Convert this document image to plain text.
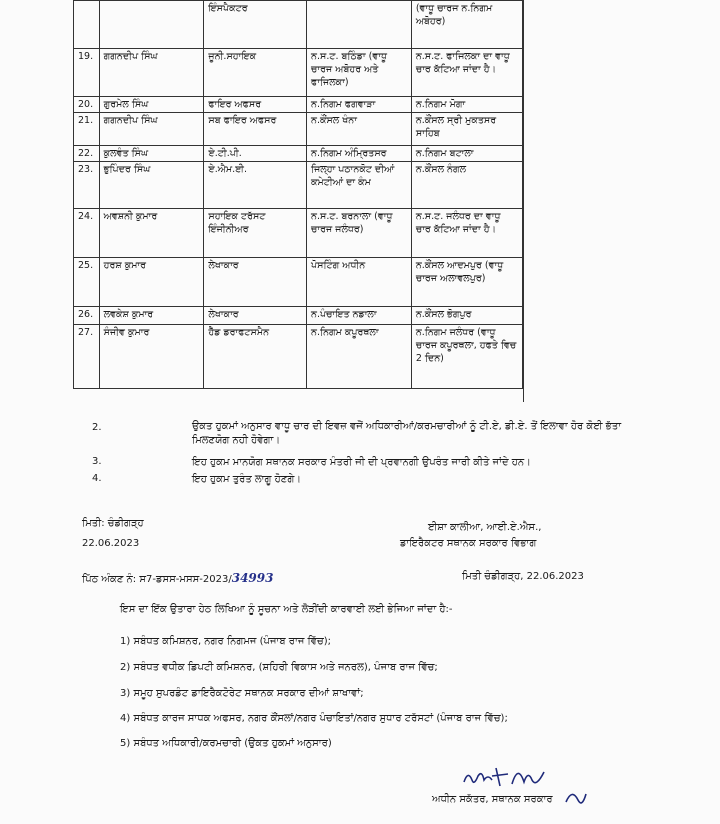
		ਇੰਸਪੈਕਟਰ		(ਵਾਧੂ ਚਾਰਜ ਨ.ਨਿਗਮ ਅਬੋਹਰ)
19.	ਗਗਨਦੀਪ ਸਿੰਘ	ਜੂਨੀ.ਸਹਾਇਕ	ਨ.ਸ.ਟ. ਬਠਿੰਡਾ (ਵਾਧੂ ਚਾਰਜ ਅਬੋਹਰ ਅਤੇ ਫਾਜਿਲਕਾ)	ਨ.ਸ.ਟ. ਫਾਜਿਲਕਾ ਦਾ ਵਾਧੂ ਚਾਰ ਕੱਟਿਆ ਜਾਂਦਾ ਹੈ।
20.	ਗੁਰਮੇਲ ਸਿੰਘ	ਫਾਇਰ ਅਫਸਰ	ਨ.ਨਿਗਮ ਫਗਵਾੜਾ	ਨ.ਨਿਗਮ ਮੋਗਾ
21.	ਗਗਨਦੀਪ ਸਿੰਘ	ਸਬ ਫਾਇਰ ਅਫਸਰ	ਨ.ਕੌਂਸਲ ਖੰਨਾ	ਨ.ਕੌਂਸਲ ਸ੍ਰੀ ਮੁਕਤਸਰ ਸਾਹਿਬ
22.	ਕੁਲਵੰਤ ਸਿੰਘ	ਏ.ਟੀ.ਪੀ.	ਨ.ਨਿਗਮ ਅੰਮ੍ਰਿਤਸਰ	ਨ.ਨਿਗਮ ਬਟਾਲਾ
23.	ਭੁਪਿੰਦਰ ਸਿੰਘ	ਏ.ਐਮ.ਈ.	ਜਿਲ੍ਹਾ ਪਠਾਨਕੋਟ ਦੀਆਂ ਕਮੇਟੀਆਂ ਦਾ ਕੰਮ	ਨ.ਕੌਂਸਲ ਨੰਗਲ
24.	ਅਵਸ਼ਨੀ ਕੁਮਾਰ	ਸਹਾਇਕ ਟਰੱਸਟ ਇੰਜੀਨੀਅਰ	ਨ.ਸ.ਟ. ਬਰਨਾਲਾ (ਵਾਧੂ ਚਾਰਜ ਜਲੰਧਰ)	ਨ.ਸ.ਟ. ਜਲੰਧਰ ਦਾ ਵਾਧੂ ਚਾਰ ਕੱਟਿਆ ਜਾਂਦਾ ਹੈ।
25.	ਹਰਸ਼ ਕੁਮਾਰ	ਲੇਖਾਕਾਰ	ਪੋਸਟਿੰਗ ਅਧੀਨ	ਨ.ਕੌਂਸਲ ਆਦਮਪੁਰ (ਵਾਧੂ ਚਾਰਜ ਅਲਾਵਲਪੁਰ)
26.	ਲਵਕੇਸ਼ ਕੁਮਾਰ	ਲੇਖਾਕਾਰ	ਨ.ਪੰਚਾਇਤ ਨਡਾਲਾ	ਨ.ਕੌਂਸਲ ਭੋਗਪੁਰ
27.	ਸੰਜੀਵ ਕੁਮਾਰ	ਹੈੱਡ ਡਰਾਫਟਸਮੈਨ	ਨ.ਨਿਗਮ ਕਪੂਰਥਲਾ	ਨ.ਨਿਗਮ ਜਲੰਧਰ (ਵਾਧੂ ਚਾਰਜ ਕਪੂਰਥਲਾ, ਹਫਤੇ ਵਿਚ 2 ਦਿਨ)
2.	ਉਕਤ ਹੁਕਮਾਂ ਅਨੁਸਾਰ ਵਾਧੂ ਚਾਰ ਦੀ ਇਵਜ਼ ਵਜੋਂ ਅਧਿਕਾਰੀਆਂ/ਕਰਮਚਾਰੀਆਂ ਨੂੰ ਟੀ.ਏ, ਡੀ.ਏ. ਤੋਂ ਇਲਾਵਾ ਹੋਰ ਕੋਈ ਭੱਤਾ ਮਿਲਣਯੋਗ ਨਹੀ ਹੋਵੇਗਾ।
3.	ਇਹ ਹੁਕਮ ਮਾਨਯੋਗ ਸਥਾਨਕ ਸਰਕਾਰ ਮੰਤਰੀ ਜੀ ਦੀ ਪ੍ਰਵਾਨਗੀ ਉਪਰੰਤ ਜਾਰੀ ਕੀਤੇ ਜਾਂਦੇ ਹਨ।
4.	ਇਹ ਹੁਕਮ ਤੁਰੰਤ ਲਾਗੂ ਹੋਣਗੇ।
ਮਿਤੀ: ਚੰਡੀਗੜ੍ਹ
22.06.2023
ਈਸ਼ਾ ਕਾਲੀਆ, ਆਈ.ਏ.ਐਸ.,
ਡਾਇਰੈਕਟਰ ਸਥਾਨਕ ਸਰਕਾਰ ਵਿਭਾਗ
ਪਿੱਠ ਅੰਕਣ ਨੰ: ਸ7-ਡਸਸ-ਮਸਸ-2023/34993	ਮਿਤੀ ਚੰਡੀਗੜ੍ਹ, 22.06.2023
ਇਸ ਦਾ ਇੱਕ ਉਤਾਰਾ ਹੇਠ ਲਿਖਿਆ ਨੂੰ ਸੂਚਨਾ ਅਤੇ ਲੋੜੀਂਦੀ ਕਾਰਵਾਈ ਲਈ ਭੇਜਿਆ ਜਾਂਦਾ ਹੈ:-
1) ਸਬੰਧਤ ਕਮਿਸ਼ਨਰ, ਨਗਰ ਨਿਗਮਜ (ਪੰਜਾਬ ਰਾਜ ਵਿੱਚ);
2) ਸਬੰਧਤ ਵਧੀਕ ਡਿਪਟੀ ਕਮਿਸ਼ਨਰ, (ਸ਼ਹਿਰੀ ਵਿਕਾਸ ਅਤੇ ਜਨਰਲ), ਪੰਜਾਬ ਰਾਜ ਵਿੱਚ;
3) ਸਮੂਹ ਸੁਪਰਡੰਟ ਡਾਇਰੈਕਟੋਰੇਟ ਸਥਾਨਕ ਸਰਕਾਰ ਦੀਆਂ ਸ਼ਾਖਾਵਾਂ;
4) ਸਬੰਧਤ ਕਾਰਜ ਸਾਧਕ ਅਫਸਰ, ਨਗਰ ਕੌਂਸਲਾਂ/ਨਗਰ ਪੰਚਾਇਤਾਂ/ਨਗਰ ਸੁਧਾਰ ਟਰੱਸਟਾਂ (ਪੰਜਾਬ ਰਾਜ ਵਿੱਚ);
5) ਸਬੰਧਤ ਅਧਿਕਾਰੀ/ਕਰਮਚਾਰੀ (ਉਕਤ ਹੁਕਮਾਂ ਅਨੁਸਾਰ)
ਅਧੀਨ ਸਕੱਤਰ, ਸਥਾਨਕ ਸਰਕਾਰ
